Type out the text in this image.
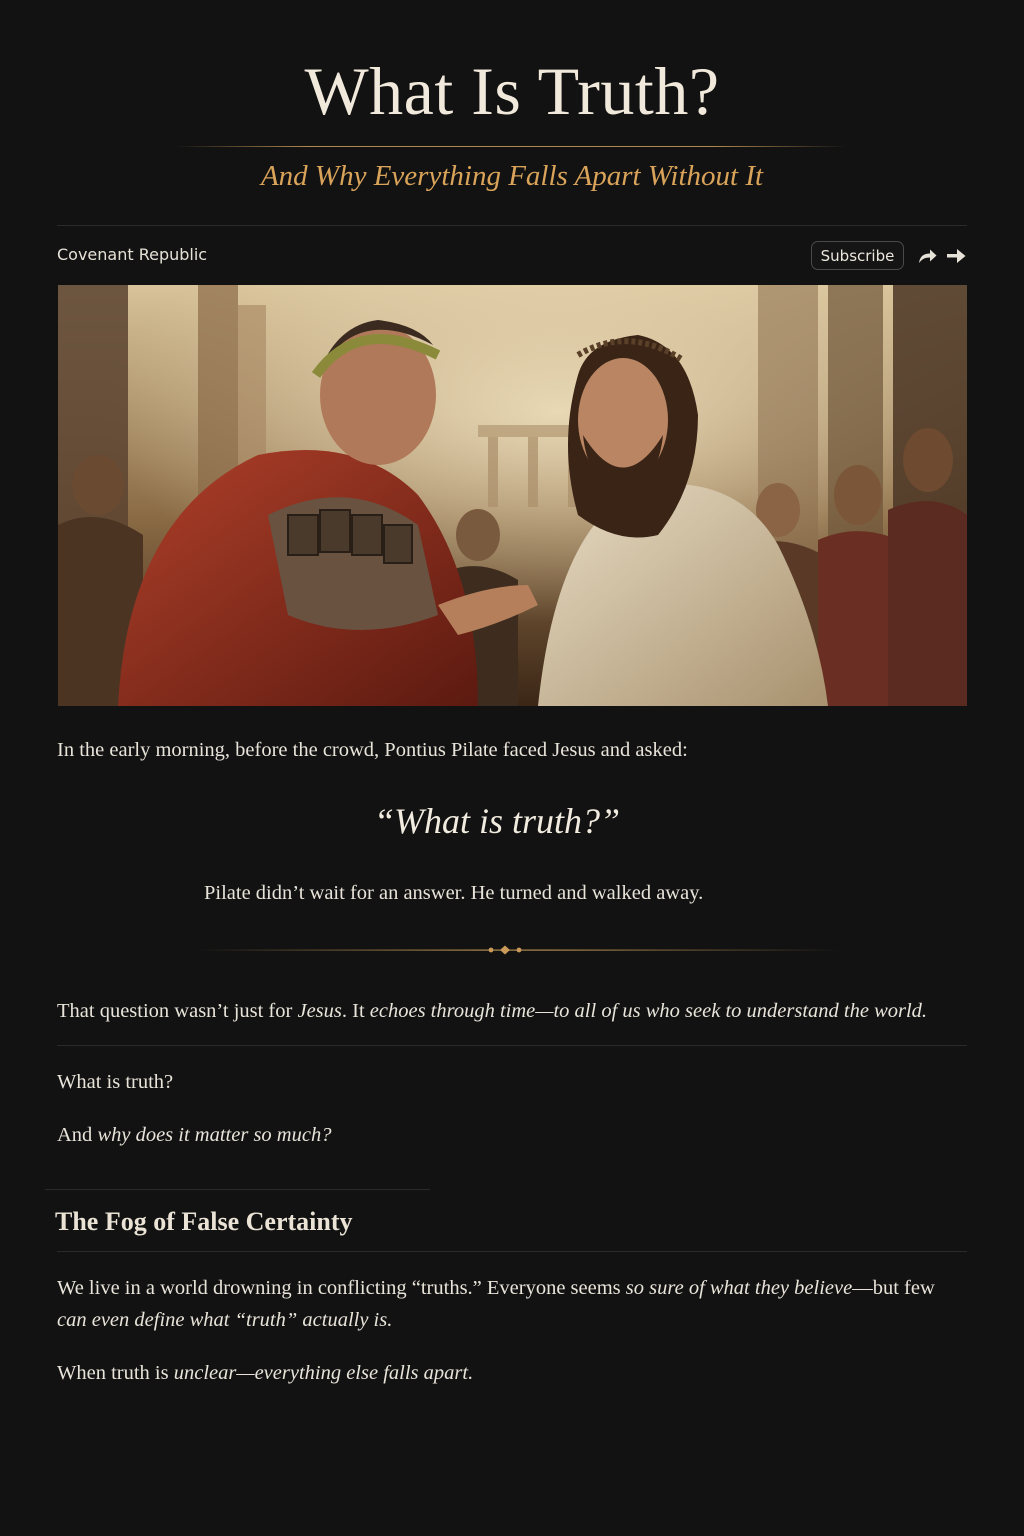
What Is Truth?
And Why Everything Falls Apart Without It
Covenant Republic	Subscribe

In the early morning, before the crowd, Pontius Pilate faced Jesus and asked:

“What is truth?”

Pilate didn’t wait for an answer. He turned and walked away.

That question wasn’t just for Jesus. It echoes through time—to all of us who seek to understand the world.

What is truth?

And why does it matter so much?

The Fog of False Certainty

We live in a world drowning in conflicting “truths.” Everyone seems so sure of what they believe—but few

can even define what “truth” actually is.

When truth is unclear—everything else falls apart.
